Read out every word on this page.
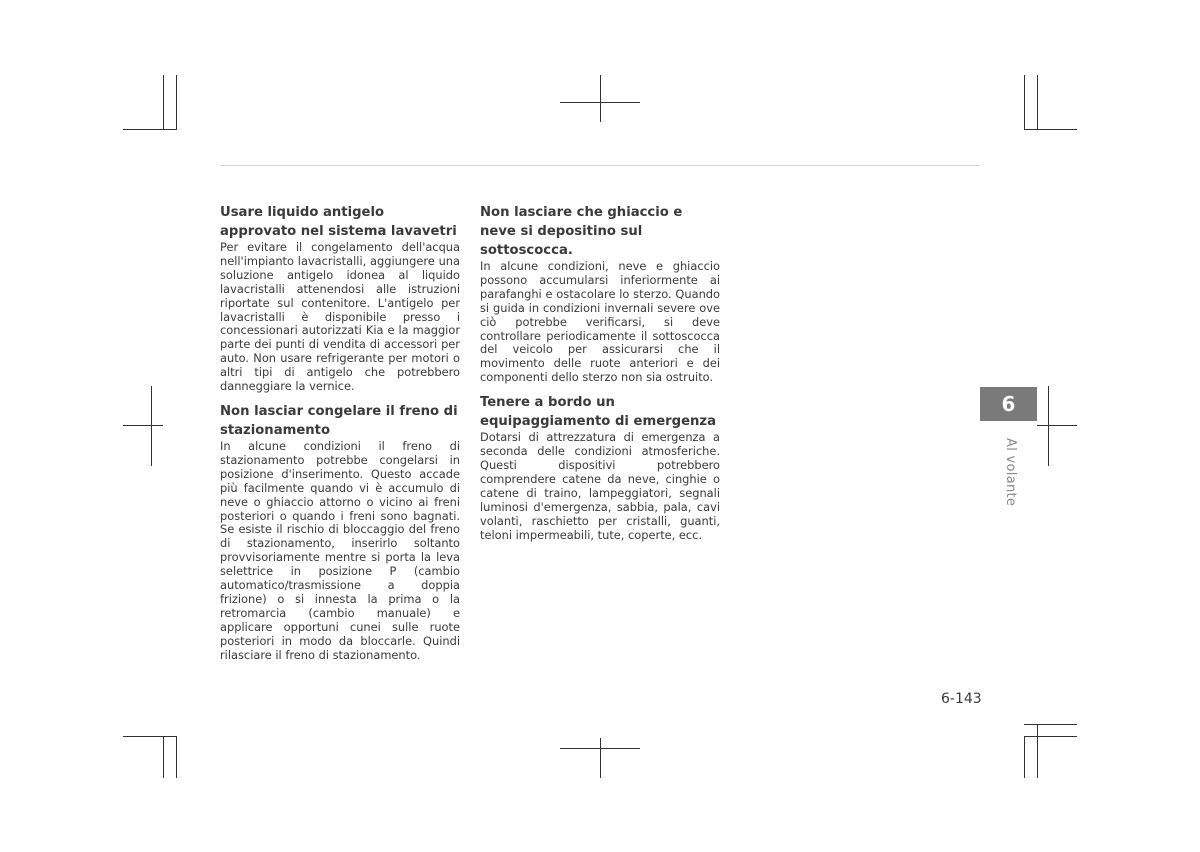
Usare liquido antigelo approvato nel sistema lavavetri

Per evitare il congelamento dell'acqua nell'impianto lavacristalli, aggiungere una soluzione antigelo idonea al liquido lavacristalli attenendosi alle istruzioni riportate sul contenitore. L'antigelo per lavacristalli è disponibile presso i concessionari autorizzati Kia e la maggior parte dei punti di vendita di accessori per auto. Non usare refrigerante per motori o altri tipi di antigelo che potrebbero danneggiare la vernice.

Non lasciar congelare il freno di stazionamento

In alcune condizioni il freno di stazionamento potrebbe congelarsi in posizione d'inserimento. Questo accade più facilmente quando vi è accumulo di neve o ghiaccio attorno o vicino ai freni posteriori o quando i freni sono bagnati. Se esiste il rischio di bloccaggio del freno di stazionamento, inserirlo soltanto provvisoriamente mentre si porta la leva selettrice in posizione P (cambio automatico/trasmissione a doppia frizione) o si innesta la prima o la retromarcia (cambio manuale) e applicare opportuni cunei sulle ruote posteriori in modo da bloccarle. Quindi rilasciare il freno di stazionamento.

Non lasciare che ghiaccio e neve si depositino sul sottoscocca.

In alcune condizioni, neve e ghiaccio possono accumularsi inferiormente ai parafanghi e ostacolare lo sterzo. Quando si guida in condizioni invernali severe ove ciò potrebbe verificarsi, si deve controllare periodicamente il sottoscocca del veicolo per assicurarsi che il movimento delle ruote anteriori e dei componenti dello sterzo non sia ostruito.

Tenere a bordo un equipaggiamento di emergenza

Dotarsi di attrezzatura di emergenza a seconda delle condizioni atmosferiche. Questi dispositivi potrebbero comprendere catene da neve, cinghie o catene di traino, lampeggiatori, segnali luminosi d'emergenza, sabbia, pala, cavi volanti, raschietto per cristalli, guanti, teloni impermeabili, tute, coperte, ecc.

6
Al volante
6-143
